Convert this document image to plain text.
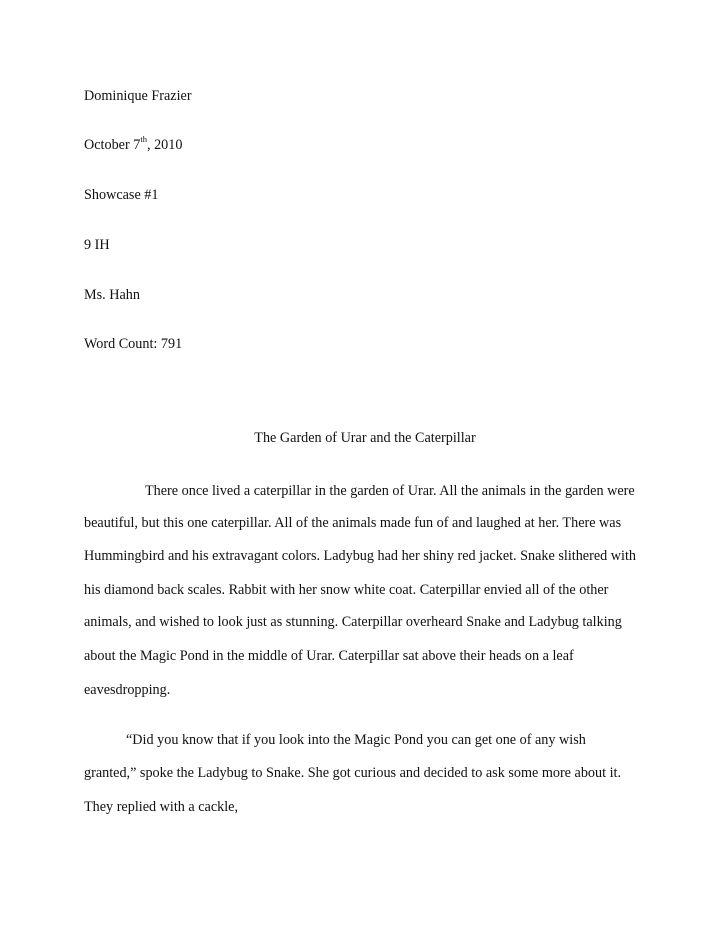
Dominique Frazier
October 7th, 2010
Showcase #1
9 IH
Ms. Hahn
Word Count: 791
The Garden of Urar and the Caterpillar
There once lived a caterpillar in the garden of Urar. All the animals in the garden were
beautiful, but this one caterpillar. All of the animals made fun of and laughed at her. There was
Hummingbird and his extravagant colors. Ladybug had her shiny red jacket. Snake slithered with
his diamond back scales. Rabbit with her snow white coat. Caterpillar envied all of the other
animals, and wished to look just as stunning. Caterpillar overheard Snake and Ladybug talking
about the Magic Pond in the middle of Urar. Caterpillar sat above their heads on a leaf
eavesdropping.
“Did you know that if you look into the Magic Pond you can get one of any wish
granted,” spoke the Ladybug to Snake. She got curious and decided to ask some more about it.
They replied with a cackle,
